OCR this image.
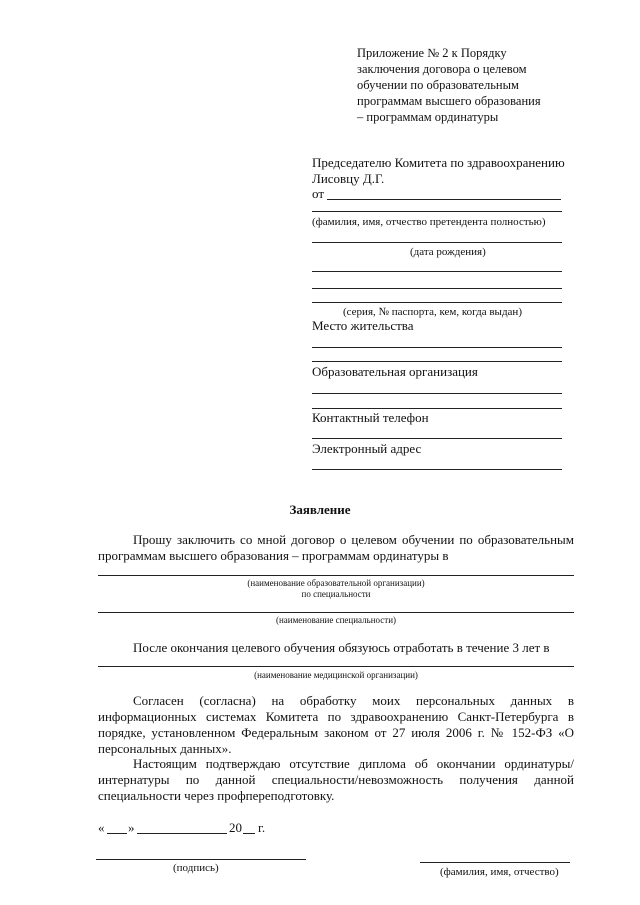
Приложение № 2 к Порядку
заключения договора о целевом
обучении по образовательным
программам высшего образования
– программам ординатуры
Председателю Комитета по здравоохранению
Лисовцу Д.Г.
от
(фамилия, имя, отчество претендента полностью)
(дата рождения)
(серия, № паспорта, кем, когда выдан)
Место жительства
Образовательная организация
Контактный телефон
Электронный адрес
Заявление
Прошу заключить со мной договор о целевом обучении по образовательным
программам высшего образования – программам ординатуры в
(наименование образовательной организации)
по специальности
(наименование специальности)
После окончания целевого обучения обязуюсь отработать в течение 3 лет в
(наименование медицинской организации)
Согласен (согласна) на обработку моих персональных данных в информационных системах Комитета по здравоохранению Санкт-Петербурга в порядке, установленном Федеральным законом от 27 июля 2006 г. № 152-ФЗ «О персональных данных».
Настоящим подтверждаю отсутствие диплома об окончании ординатуры/интернатуры по данной специальности/невозможность получения данной специальности через профпереподготовку.
« »	20 г.
(подпись)	(фамилия, имя, отчество)
